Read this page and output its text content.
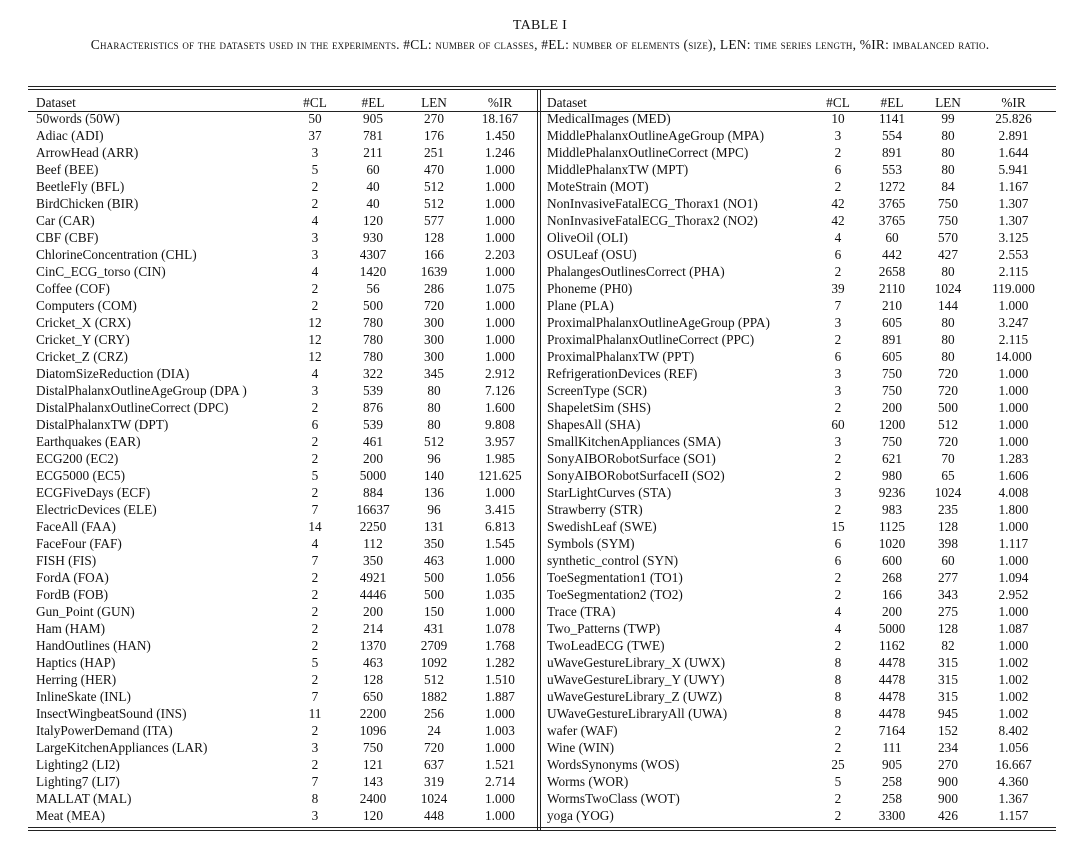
TABLE I
Characteristics of the datasets used in the experiments. #CL: number of classes, #EL: number of elements (size), LEN: time series length, %IR: imbalanced ratio.
Dataset	#CL	#EL	LEN	%IR
50words (50W)	50	905	270	18.167
Adiac (ADI)	37	781	176	1.450
ArrowHead (ARR)	3	211	251	1.246
Beef (BEE)	5	60	470	1.000
BeetleFly (BFL)	2	40	512	1.000
BirdChicken (BIR)	2	40	512	1.000
Car (CAR)	4	120	577	1.000
CBF (CBF)	3	930	128	1.000
ChlorineConcentration (CHL)	3	4307	166	2.203
CinC_ECG_torso (CIN)	4	1420	1639	1.000
Coffee (COF)	2	56	286	1.075
Computers (COM)	2	500	720	1.000
Cricket_X (CRX)	12	780	300	1.000
Cricket_Y (CRY)	12	780	300	1.000
Cricket_Z (CRZ)	12	780	300	1.000
DiatomSizeReduction (DIA)	4	322	345	2.912
DistalPhalanxOutlineAgeGroup (DPA )	3	539	80	7.126
DistalPhalanxOutlineCorrect (DPC)	2	876	80	1.600
DistalPhalanxTW (DPT)	6	539	80	9.808
Earthquakes (EAR)	2	461	512	3.957
ECG200 (EC2)	2	200	96	1.985
ECG5000 (EC5)	5	5000	140	121.625
ECGFiveDays (ECF)	2	884	136	1.000
ElectricDevices (ELE)	7	16637	96	3.415
FaceAll (FAA)	14	2250	131	6.813
FaceFour (FAF)	4	112	350	1.545
FISH (FIS)	7	350	463	1.000
FordA (FOA)	2	4921	500	1.056
FordB (FOB)	2	4446	500	1.035
Gun_Point (GUN)	2	200	150	1.000
Ham (HAM)	2	214	431	1.078
HandOutlines (HAN)	2	1370	2709	1.768
Haptics (HAP)	5	463	1092	1.282
Herring (HER)	2	128	512	1.510
InlineSkate (INL)	7	650	1882	1.887
InsectWingbeatSound (INS)	11	2200	256	1.000
ItalyPowerDemand (ITA)	2	1096	24	1.003
LargeKitchenAppliances (LAR)	3	750	720	1.000
Lighting2 (LI2)	2	121	637	1.521
Lighting7 (LI7)	7	143	319	2.714
MALLAT (MAL)	8	2400	1024	1.000
Meat (MEA)	3	120	448	1.000
Dataset	#CL	#EL	LEN	%IR
MedicalImages (MED)	10	1141	99	25.826
MiddlePhalanxOutlineAgeGroup (MPA)	3	554	80	2.891
MiddlePhalanxOutlineCorrect (MPC)	2	891	80	1.644
MiddlePhalanxTW (MPT)	6	553	80	5.941
MoteStrain (MOT)	2	1272	84	1.167
NonInvasiveFatalECG_Thorax1 (NO1)	42	3765	750	1.307
NonInvasiveFatalECG_Thorax2 (NO2)	42	3765	750	1.307
OliveOil (OLI)	4	60	570	3.125
OSULeaf (OSU)	6	442	427	2.553
PhalangesOutlinesCorrect (PHA)	2	2658	80	2.115
Phoneme (PH0)	39	2110	1024	119.000
Plane (PLA)	7	210	144	1.000
ProximalPhalanxOutlineAgeGroup (PPA)	3	605	80	3.247
ProximalPhalanxOutlineCorrect (PPC)	2	891	80	2.115
ProximalPhalanxTW (PPT)	6	605	80	14.000
RefrigerationDevices (REF)	3	750	720	1.000
ScreenType (SCR)	3	750	720	1.000
ShapeletSim (SHS)	2	200	500	1.000
ShapesAll (SHA)	60	1200	512	1.000
SmallKitchenAppliances (SMA)	3	750	720	1.000
SonyAIBORobotSurface (SO1)	2	621	70	1.283
SonyAIBORobotSurfaceII (SO2)	2	980	65	1.606
StarLightCurves (STA)	3	9236	1024	4.008
Strawberry (STR)	2	983	235	1.800
SwedishLeaf (SWE)	15	1125	128	1.000
Symbols (SYM)	6	1020	398	1.117
synthetic_control (SYN)	6	600	60	1.000
ToeSegmentation1 (TO1)	2	268	277	1.094
ToeSegmentation2 (TO2)	2	166	343	2.952
Trace (TRA)	4	200	275	1.000
Two_Patterns (TWP)	4	5000	128	1.087
TwoLeadECG (TWE)	2	1162	82	1.000
uWaveGestureLibrary_X (UWX)	8	4478	315	1.002
uWaveGestureLibrary_Y (UWY)	8	4478	315	1.002
uWaveGestureLibrary_Z (UWZ)	8	4478	315	1.002
UWaveGestureLibraryAll (UWA)	8	4478	945	1.002
wafer (WAF)	2	7164	152	8.402
Wine (WIN)	2	111	234	1.056
WordsSynonyms (WOS)	25	905	270	16.667
Worms (WOR)	5	258	900	4.360
WormsTwoClass (WOT)	2	258	900	1.367
yoga (YOG)	2	3300	426	1.157
